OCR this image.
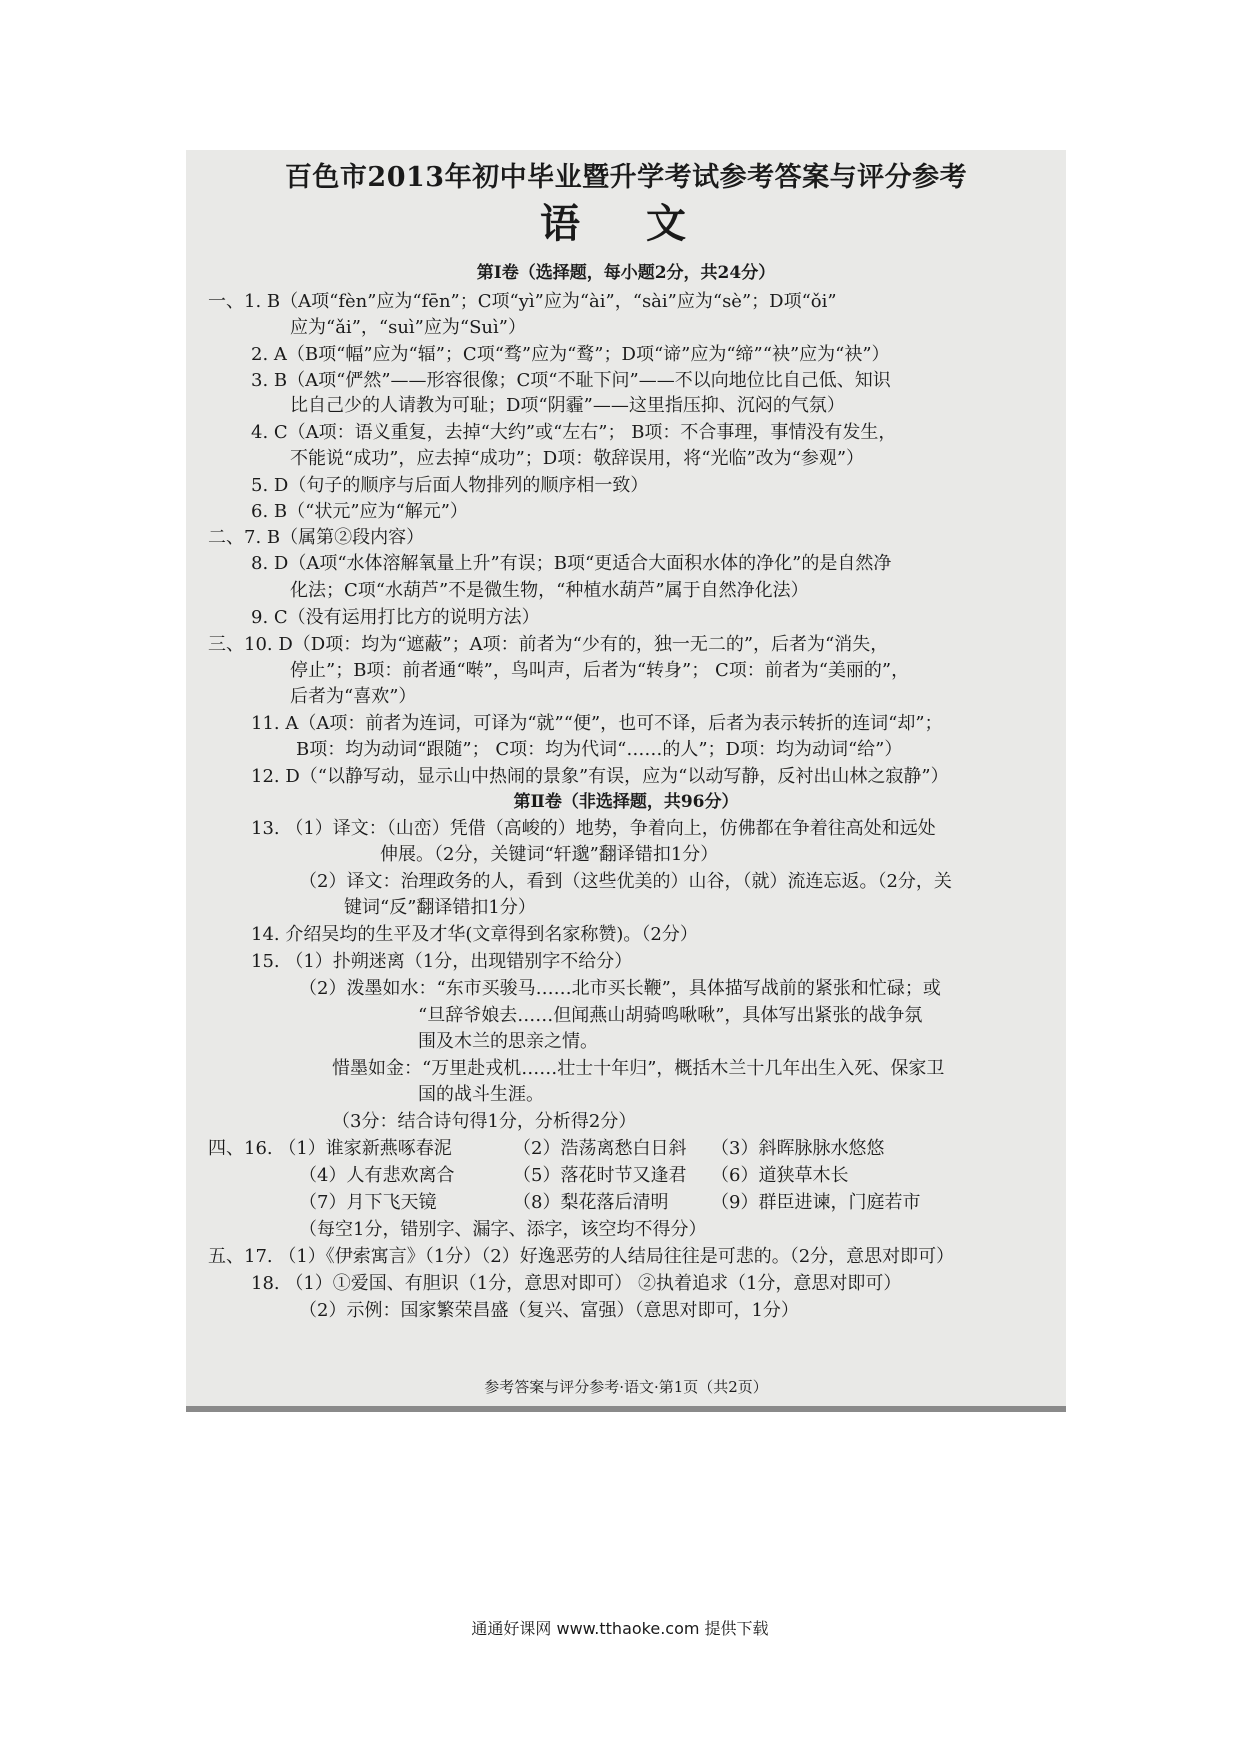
百色市2013年初中毕业暨升学考试参考答案与评分参考
语 文
第Ⅰ卷（选择题，每小题2分，共24分）
一、1. B（A项“fèn”应为“fēn”；C项“yì”应为“ài”，“sài”应为“sè”；D项“ǒi”
应为“ǎi”，“suì”应为“Suì”）
2. A（B项“幅”应为“辐”；C项“骛”应为“鹜”；D项“谛”应为“缔”“袂”应为“袂”）
3. B（A项“俨然”——形容很像；C项“不耻下问”——不以向地位比自己低、知识
比自己少的人请教为可耻；D项“阴霾”——这里指压抑、沉闷的气氛）
4. C（A项：语义重复，去掉“大约”或“左右”； B项：不合事理，事情没有发生，
不能说“成功”，应去掉“成功”；D项：敬辞误用，将“光临”改为“参观”）
5. D（句子的顺序与后面人物排列的顺序相一致）
6. B（“状元”应为“解元”）
二、7. B（属第②段内容）
8. D（A项“水体溶解氧量上升”有误；B项“更适合大面积水体的净化”的是自然净
化法；C项“水葫芦”不是微生物，“种植水葫芦”属于自然净化法）
9. C（没有运用打比方的说明方法）
三、10. D（D项：均为“遮蔽”；A项：前者为“少有的，独一无二的”，后者为“消失，
停止”；B项：前者通“啭”，鸟叫声，后者为“转身”； C项：前者为“美丽的”，
后者为“喜欢”）
11. A（A项：前者为连词，可译为“就”“便”，也可不译，后者为表示转折的连词“却”；
B项：均为动词“跟随”； C项：均为代词“……的人”；D项：均为动词“给”）
12. D（“以静写动，显示山中热闹的景象”有误，应为“以动写静，反衬出山林之寂静”）
第Ⅱ卷（非选择题，共96分）
13. （1）译文：（山峦）凭借（高峻的）地势，争着向上，仿佛都在争着往高处和远处
伸展。（2分，关键词“轩邈”翻译错扣1分）
（2）译文：治理政务的人，看到（这些优美的）山谷，（就）流连忘返。（2分，关
键词“反”翻译错扣1分）
14. 介绍吴均的生平及才华(文章得到名家称赞)。（2分）
15. （1）扑朔迷离（1分，出现错别字不给分）
（2）泼墨如水：“东市买骏马……北市买长鞭”，具体描写战前的紧张和忙碌；或
“旦辞爷娘去……但闻燕山胡骑鸣啾啾”，具体写出紧张的战争氛
围及木兰的思亲之情。
惜墨如金：“万里赴戎机……壮士十年归”，概括木兰十几年出生入死、保家卫
国的战斗生涯。
（3分：结合诗句得1分，分析得2分）
四、16. （1）谁家新燕啄春泥	（2）浩荡离愁白日斜 （3）斜晖脉脉水悠悠
（4）人有悲欢离合	（5）落花时节又逢君 （6）道狭草木长
（7）月下飞天镜	（8）梨花落后清明 （9）群臣进谏，门庭若市
（每空1分，错别字、漏字、添字，该空均不得分）
五、17. （1）《伊索寓言》（1分）（2）好逸恶劳的人结局往往是可悲的。（2分，意思对即可）
18. （1）①爱国、有胆识（1分，意思对即可） ②执着追求（1分，意思对即可）
（2）示例：国家繁荣昌盛（复兴、富强）（意思对即可，1分）
参考答案与评分参考·语文·第1页（共2页）
通通好课网 www.tthaoke.com 提供下载
